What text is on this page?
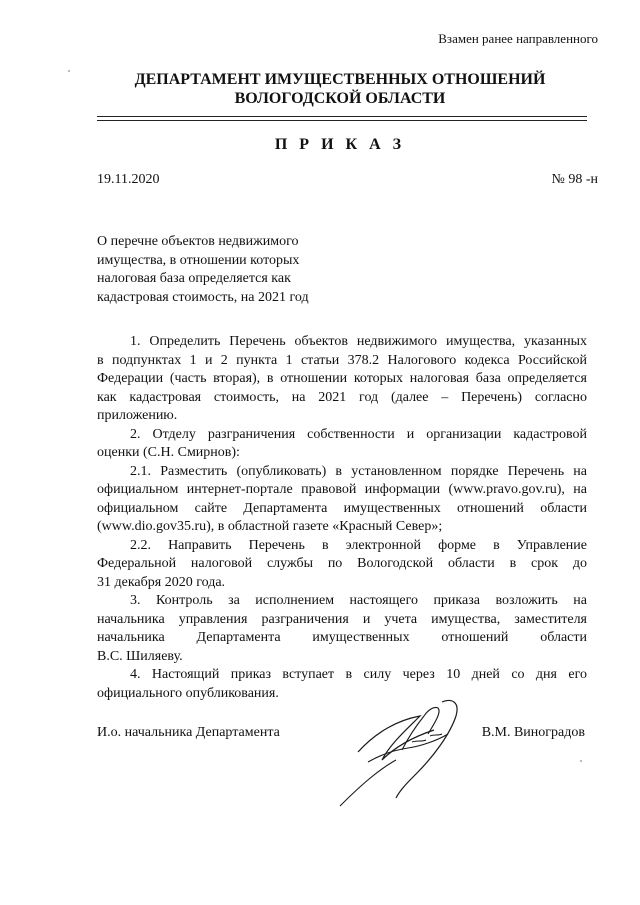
Взамен ранее направленного
ДЕПАРТАМЕНТ ИМУЩЕСТВЕННЫХ ОТНОШЕНИЙ
ВОЛОГОДСКОЙ ОБЛАСТИ
П Р И К А З
19.11.2020	№ 98 -н
О перечне объектов недвижимого
имущества, в отношении которых
налоговая база определяется как
кадастровая стоимость, на 2021 год
1. Определить Перечень объектов недвижимого имущества, указанных
в подпунктах 1 и 2 пункта 1 статьи 378.2 Налогового кодекса Российской
Федерации (часть вторая), в отношении которых налоговая база определяется
как кадастровая стоимость, на 2021 год (далее – Перечень) согласно
приложению.
2. Отделу разграничения собственности и организации кадастровой
оценки (С.Н. Смирнов):
2.1. Разместить (опубликовать) в установленном порядке Перечень на
официальном интернет-портале правовой информации (www.pravo.gov.ru), на
официальном сайте Департамента имущественных отношений области
(www.dio.gov35.ru), в областной газете «Красный Север»;
2.2. Направить Перечень в электронной форме в Управление
Федеральной налоговой службы по Вологодской области в срок до
31 декабря 2020 года.
3. Контроль за исполнением настоящего приказа возложить на
начальника управления разграничения и учета имущества, заместителя
начальника Департамента имущественных отношений области
В.С. Шиляеву.
4. Настоящий приказ вступает в силу через 10 дней со дня его
официального опубликования.
И.о. начальника Департамента	В.М. Виноградов
